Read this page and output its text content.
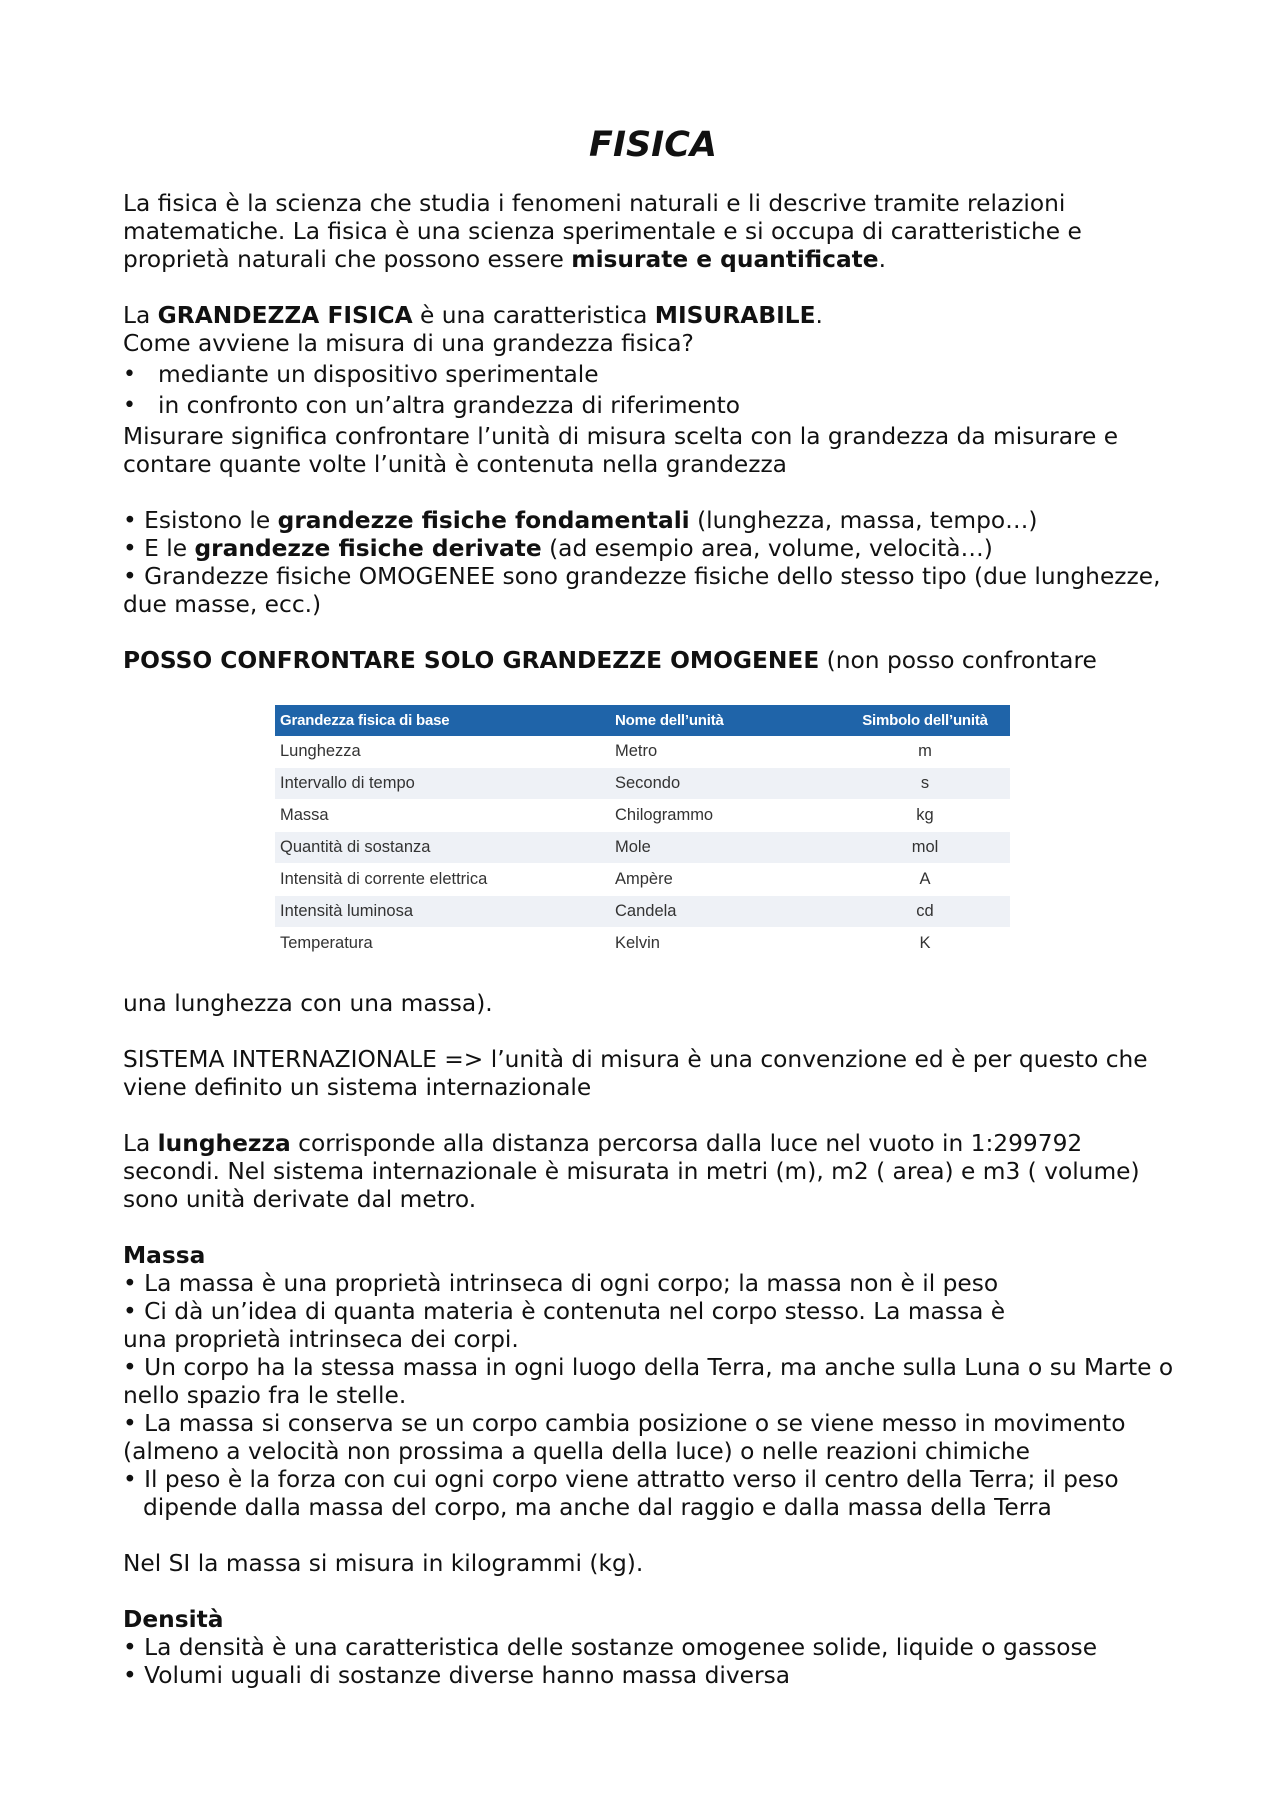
FISICA

La fisica è la scienza che studia i fenomeni naturali e li descrive tramite relazioni matematiche. La fisica è una scienza sperimentale e si occupa di caratteristiche e proprietà naturali che possono essere misurate e quantificate.

La GRANDEZZA FISICA è una caratteristica MISURABILE.

Come avviene la misura di una grandezza fisica?

• mediante un dispositivo sperimentale
• in confronto con un’altra grandezza di riferimento

Misurare significa confrontare l’unità di misura scelta con la grandezza da misurare e contare quante volte l’unità è contenuta nella grandezza

• Esistono le grandezze fisiche fondamentali (lunghezza, massa, tempo…)

• E le grandezze fisiche derivate (ad esempio area, volume, velocità…)

• Grandezze fisiche OMOGENEE sono grandezze fisiche dello stesso tipo (due lunghezze, due masse, ecc.)

POSSO CONFRONTARE SOLO GRANDEZZE OMOGENEE (non posso confrontare

Grandezza fisica di base	Nome dell’unità	Simbolo dell’unità
Lunghezza	Metro	m
Intervallo di tempo	Secondo	s
Massa	Chilogrammo	kg
Quantità di sostanza	Mole	mol
Intensità di corrente elettrica	Ampère	A
Intensità luminosa	Candela	cd
Temperatura	Kelvin	K

una lunghezza con una massa).

SISTEMA INTERNAZIONALE => l’unità di misura è una convenzione ed è per questo che viene definito un sistema internazionale

La lunghezza corrisponde alla distanza percorsa dalla luce nel vuoto in 1:299792 secondi. Nel sistema internazionale è misurata in metri (m), m2 ( area) e m3 ( volume) sono unità derivate dal metro.

Massa

• La massa è una proprietà intrinseca di ogni corpo; la massa non è il peso

• Ci dà un’idea di quanta materia è contenuta nel corpo stesso. La massa è

una proprietà intrinseca dei corpi.

• Un corpo ha la stessa massa in ogni luogo della Terra, ma anche sulla Luna o su Marte o nello spazio fra le stelle.

• La massa si conserva se un corpo cambia posizione o se viene messo in movimento (almeno a velocità non prossima a quella della luce) o nelle reazioni chimiche

• Il peso è la forza con cui ogni corpo viene attratto verso il centro della Terra; il peso dipende dalla massa del corpo, ma anche dal raggio e dalla massa della Terra

Nel SI la massa si misura in kilogrammi (kg).

Densità

• La densità è una caratteristica delle sostanze omogenee solide, liquide o gassose

• Volumi uguali di sostanze diverse hanno massa diversa
